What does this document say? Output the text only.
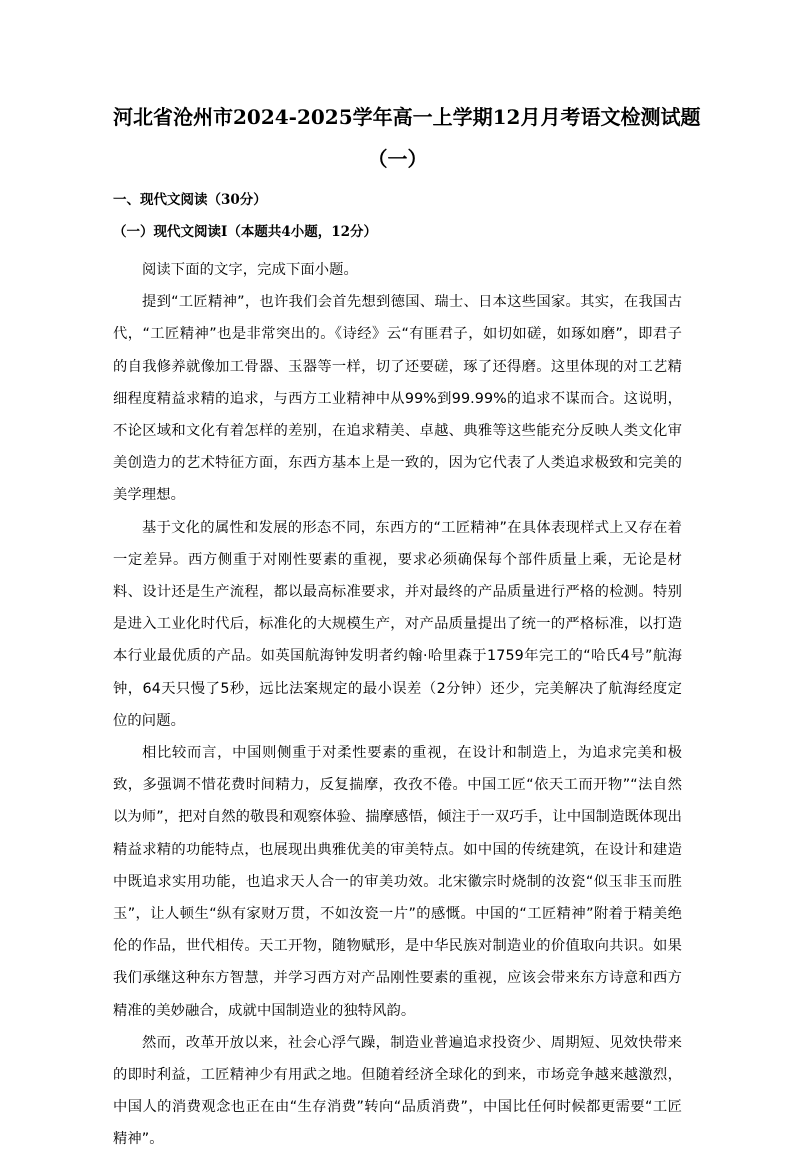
河北省沧州市2024-2025学年高一上学期12月月考语文检测试题
（一）
一、现代文阅读（30分）
（一）现代文阅读Ⅰ（本题共4小题，12分）

阅读下面的文字，完成下面小题。

提到“工匠精神”，也许我们会首先想到德国、瑞士、日本这些国家。其实，在我国古代，“工匠精神”也是非常突出的。《诗经》云“有匪君子，如切如磋，如琢如磨”，即君子的自我修养就像加工骨器、玉器等一样，切了还要磋，琢了还得磨。这里体现的对工艺精细程度精益求精的追求，与西方工业精神中从99%到99.99%的追求不谋而合。这说明，不论区域和文化有着怎样的差别，在追求精美、卓越、典雅等这些能充分反映人类文化审美创造力的艺术特征方面，东西方基本上是一致的，因为它代表了人类追求极致和完美的美学理想。

基于文化的属性和发展的形态不同，东西方的“工匠精神”在具体表现样式上又存在着一定差异。西方侧重于对刚性要素的重视，要求必须确保每个部件质量上乘，无论是材料、设计还是生产流程，都以最高标准要求，并对最终的产品质量进行严格的检测。特别是进入工业化时代后，标准化的大规模生产，对产品质量提出了统一的严格标准，以打造本行业最优质的产品。如英国航海钟发明者约翰·哈里森于1759年完工的“哈氏4号”航海钟，64天只慢了5秒，远比法案规定的最小误差（2分钟）还少，完美解决了航海经度定位的问题。

相比较而言，中国则侧重于对柔性要素的重视，在设计和制造上，为追求完美和极致，多强调不惜花费时间精力，反复揣摩，孜孜不倦。中国工匠“依天工而开物”“法自然以为师”，把对自然的敬畏和观察体验、揣摩感悟，倾注于一双巧手，让中国制造既体现出精益求精的功能特点，也展现出典雅优美的审美特点。如中国的传统建筑，在设计和建造中既追求实用功能，也追求天人合一的审美功效。北宋徽宗时烧制的汝瓷“似玉非玉而胜玉”，让人顿生“纵有家财万贯，不如汝瓷一片”的感慨。中国的“工匠精神”附着于精美绝伦的作品，世代相传。天工开物，随物赋形，是中华民族对制造业的价值取向共识。如果我们承继这种东方智慧，并学习西方对产品刚性要素的重视，应该会带来东方诗意和西方精准的美妙融合，成就中国制造业的独特风韵。

然而，改革开放以来，社会心浮气躁，制造业普遍追求投资少、周期短、见效快带来的即时利益，工匠精神少有用武之地。但随着经济全球化的到来，市场竞争越来越激烈，中国人的消费观念也正在由“生存消费”转向“品质消费”，中国比任何时候都更需要“工匠精神”。
